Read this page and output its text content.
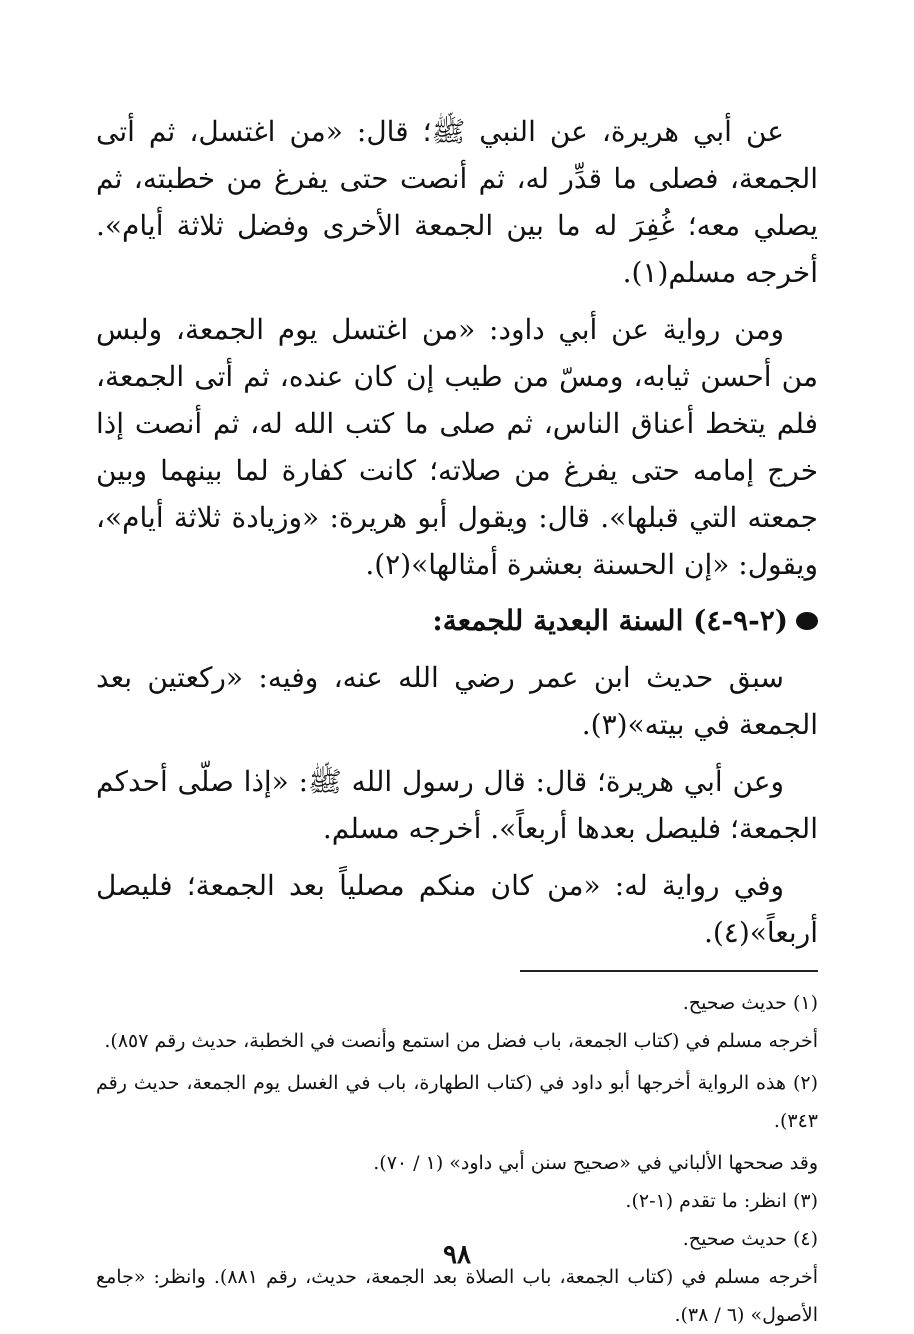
عن أبي هريرة، عن النبي ﷺ؛ قال: «من اغتسل، ثم أتى الجمعة، فصلى ما قدِّر له، ثم أنصت حتى يفرغ من خطبته، ثم يصلي معه؛ غُفِرَ له ما بين الجمعة الأخرى وفضل ثلاثة أيام». أخرجه مسلم(١).

ومن رواية عن أبي داود: «من اغتسل يوم الجمعة، ولبس من أحسن ثيابه، ومسّ من طيب إن كان عنده، ثم أتى الجمعة، فلم يتخط أعناق الناس، ثم صلى ما كتب الله له، ثم أنصت إذا خرج إمامه حتى يفرغ من صلاته؛ كانت كفارة لما بينهما وبين جمعته التي قبلها». قال: ويقول أبو هريرة: «وزيادة ثلاثة أيام»، ويقول: «إن الحسنة بعشرة أمثالها»(٢).

(٢-٩-٤) السنة البعدية للجمعة:

سبق حديث ابن عمر رضي الله عنه، وفيه: «ركعتين بعد الجمعة في بيته»(٣).

وعن أبي هريرة؛ قال: قال رسول الله ﷺ: «إذا صلّى أحدكم الجمعة؛ فليصل بعدها أربعاً». أخرجه مسلم.

وفي رواية له: «من كان منكم مصلياً بعد الجمعة؛ فليصل أربعاً»(٤).

(١) حديث صحيح.

أخرجه مسلم في (كتاب الجمعة، باب فضل من استمع وأنصت في الخطبة، حديث رقم ٨٥٧).

(٢) هذه الرواية أخرجها أبو داود في (كتاب الطهارة، باب في الغسل يوم الجمعة، حديث رقم ٣٤٣).

وقد صححها الألباني في «صحيح سنن أبي داود» (١ / ٧٠).

(٣) انظر: ما تقدم (١-٢).

(٤) حديث صحيح.

أخرجه مسلم في (كتاب الجمعة، باب الصلاة بعد الجمعة، حديث، رقم ٨٨١). وانظر: «جامع الأصول» (٦ / ٣٨).

٩٨
